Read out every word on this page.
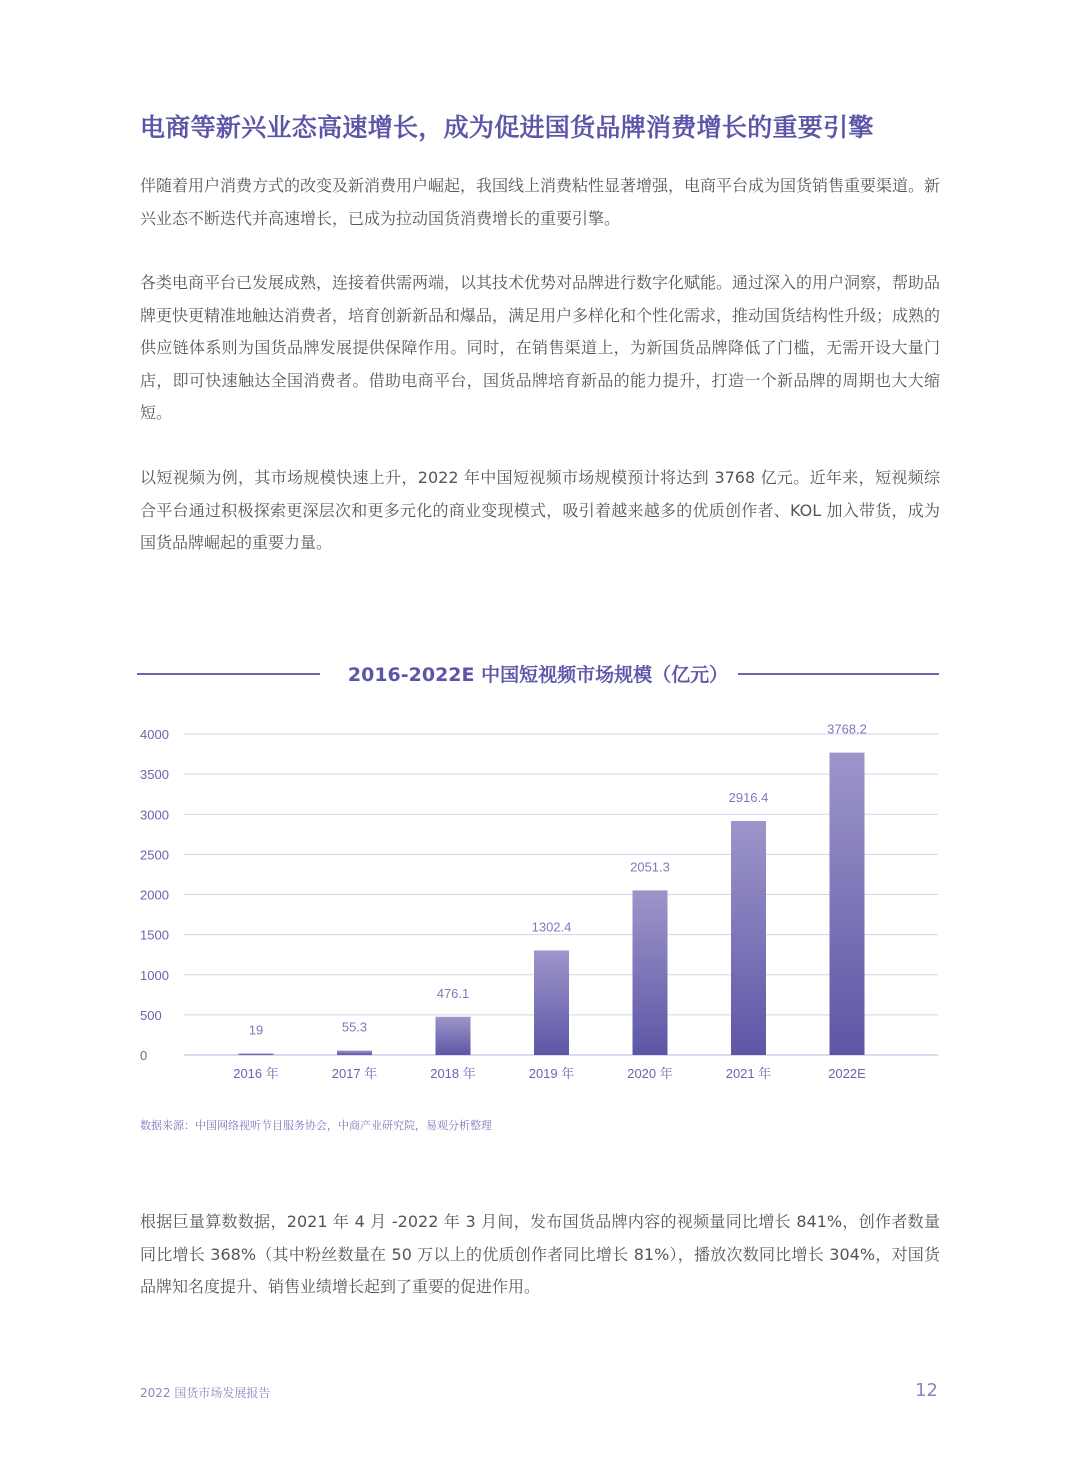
电商等新兴业态高速增长，成为促进国货品牌消费增长的重要引擎
伴随着用户消费方式的改变及新消费用户崛起，我国线上消费粘性显著增强，电商平台成为国货销售重要渠道。新兴业态不断迭代并高速增长，已成为拉动国货消费增长的重要引擎。
各类电商平台已发展成熟，连接着供需两端，以其技术优势对品牌进行数字化赋能。通过深入的用户洞察，帮助品牌更快更精准地触达消费者，培育创新新品和爆品，满足用户多样化和个性化需求，推动国货结构性升级；成熟的供应链体系则为国货品牌发展提供保障作用。同时，在销售渠道上，为新国货品牌降低了门槛，无需开设大量门店，即可快速触达全国消费者。借助电商平台，国货品牌培育新品的能力提升，打造一个新品牌的周期也大大缩短。
以短视频为例，其市场规模快速上升，2022 年中国短视频市场规模预计将达到 3768 亿元。近年来，短视频综合平台通过积极探索更深层次和更多元化的商业变现模式，吸引着越来越多的优质创作者、KOL 加入带货，成为国货品牌崛起的重要力量。
2016-2022E 中国短视频市场规模（亿元）
0
500
1000
1500
2000
2500
3000
3500
4000
19
2016 年
55.3
2017 年
476.1
2018 年
1302.4
2019 年
2051.3
2020 年
2916.4
2021 年
3768.2
2022E
数据来源：中国网络视听节目服务协会，中商产业研究院，易观分析整理
根据巨量算数数据，2021 年 4 月 -2022 年 3 月间，发布国货品牌内容的视频量同比增长 841%，创作者数量同比增长 368%（其中粉丝数量在 50 万以上的优质创作者同比增长 81%），播放次数同比增长 304%，对国货品牌知名度提升、销售业绩增长起到了重要的促进作用。
2022 国货市场发展报告	12
